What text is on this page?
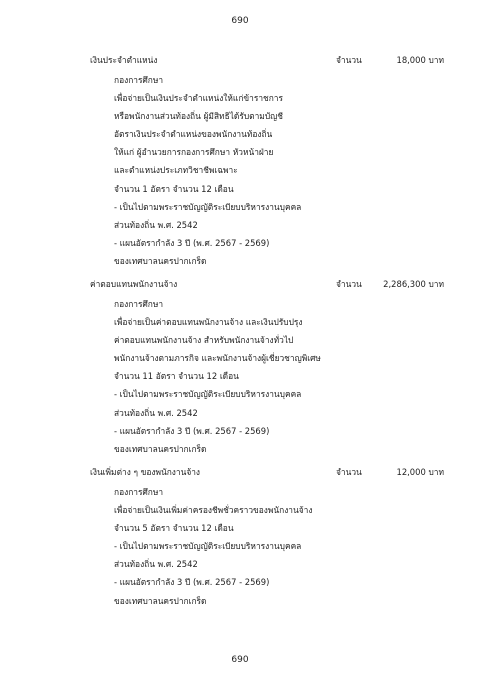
690
เงินประจำตำแหน่ง	จำนวน	18,000 บาท
กองการศึกษา
เพื่อจ่ายเป็นเงินประจำตำแหน่งให้แก่ข้าราชการ
หรือพนักงานส่วนท้องถิ่น ผู้มีสิทธิได้รับตามบัญชี
อัตราเงินประจำตำแหน่งของพนักงานท้องถิ่น
ให้แก่ ผู้อำนวยการกองการศึกษา หัวหน้าฝ่าย
และตำแหน่งประเภทวิชาชีพเฉพาะ
จำนวน 1 อัตรา จำนวน 12 เดือน
- เป็นไปตามพระราชบัญญัติระเบียบบริหารงานบุคคล
ส่วนท้องถิ่น พ.ศ. 2542
- แผนอัตรากำลัง 3 ปี (พ.ศ. 2567 - 2569)
ของเทศบาลนครปากเกร็ด
ค่าตอบแทนพนักงานจ้าง	จำนวน	2,286,300 บาท
กองการศึกษา
เพื่อจ่ายเป็นค่าตอบแทนพนักงานจ้าง และเงินปรับปรุง
ค่าตอบแทนพนักงานจ้าง สำหรับพนักงานจ้างทั่วไป
พนักงานจ้างตามภารกิจ และพนักงานจ้างผู้เชี่ยวชาญพิเศษ
จำนวน 11 อัตรา จำนวน 12 เดือน
- เป็นไปตามพระราชบัญญัติระเบียบบริหารงานบุคคล
ส่วนท้องถิ่น พ.ศ. 2542
- แผนอัตรากำลัง 3 ปี (พ.ศ. 2567 - 2569)
ของเทศบาลนครปากเกร็ด
เงินเพิ่มต่าง ๆ ของพนักงานจ้าง	จำนวน	12,000 บาท
กองการศึกษา
เพื่อจ่ายเป็นเงินเพิ่มค่าครองชีพชั่วคราวของพนักงานจ้าง
จำนวน 5 อัตรา จำนวน 12 เดือน
- เป็นไปตามพระราชบัญญัติระเบียบบริหารงานบุคคล
ส่วนท้องถิ่น พ.ศ. 2542
- แผนอัตรากำลัง 3 ปี (พ.ศ. 2567 - 2569)
ของเทศบาลนครปากเกร็ด
690
